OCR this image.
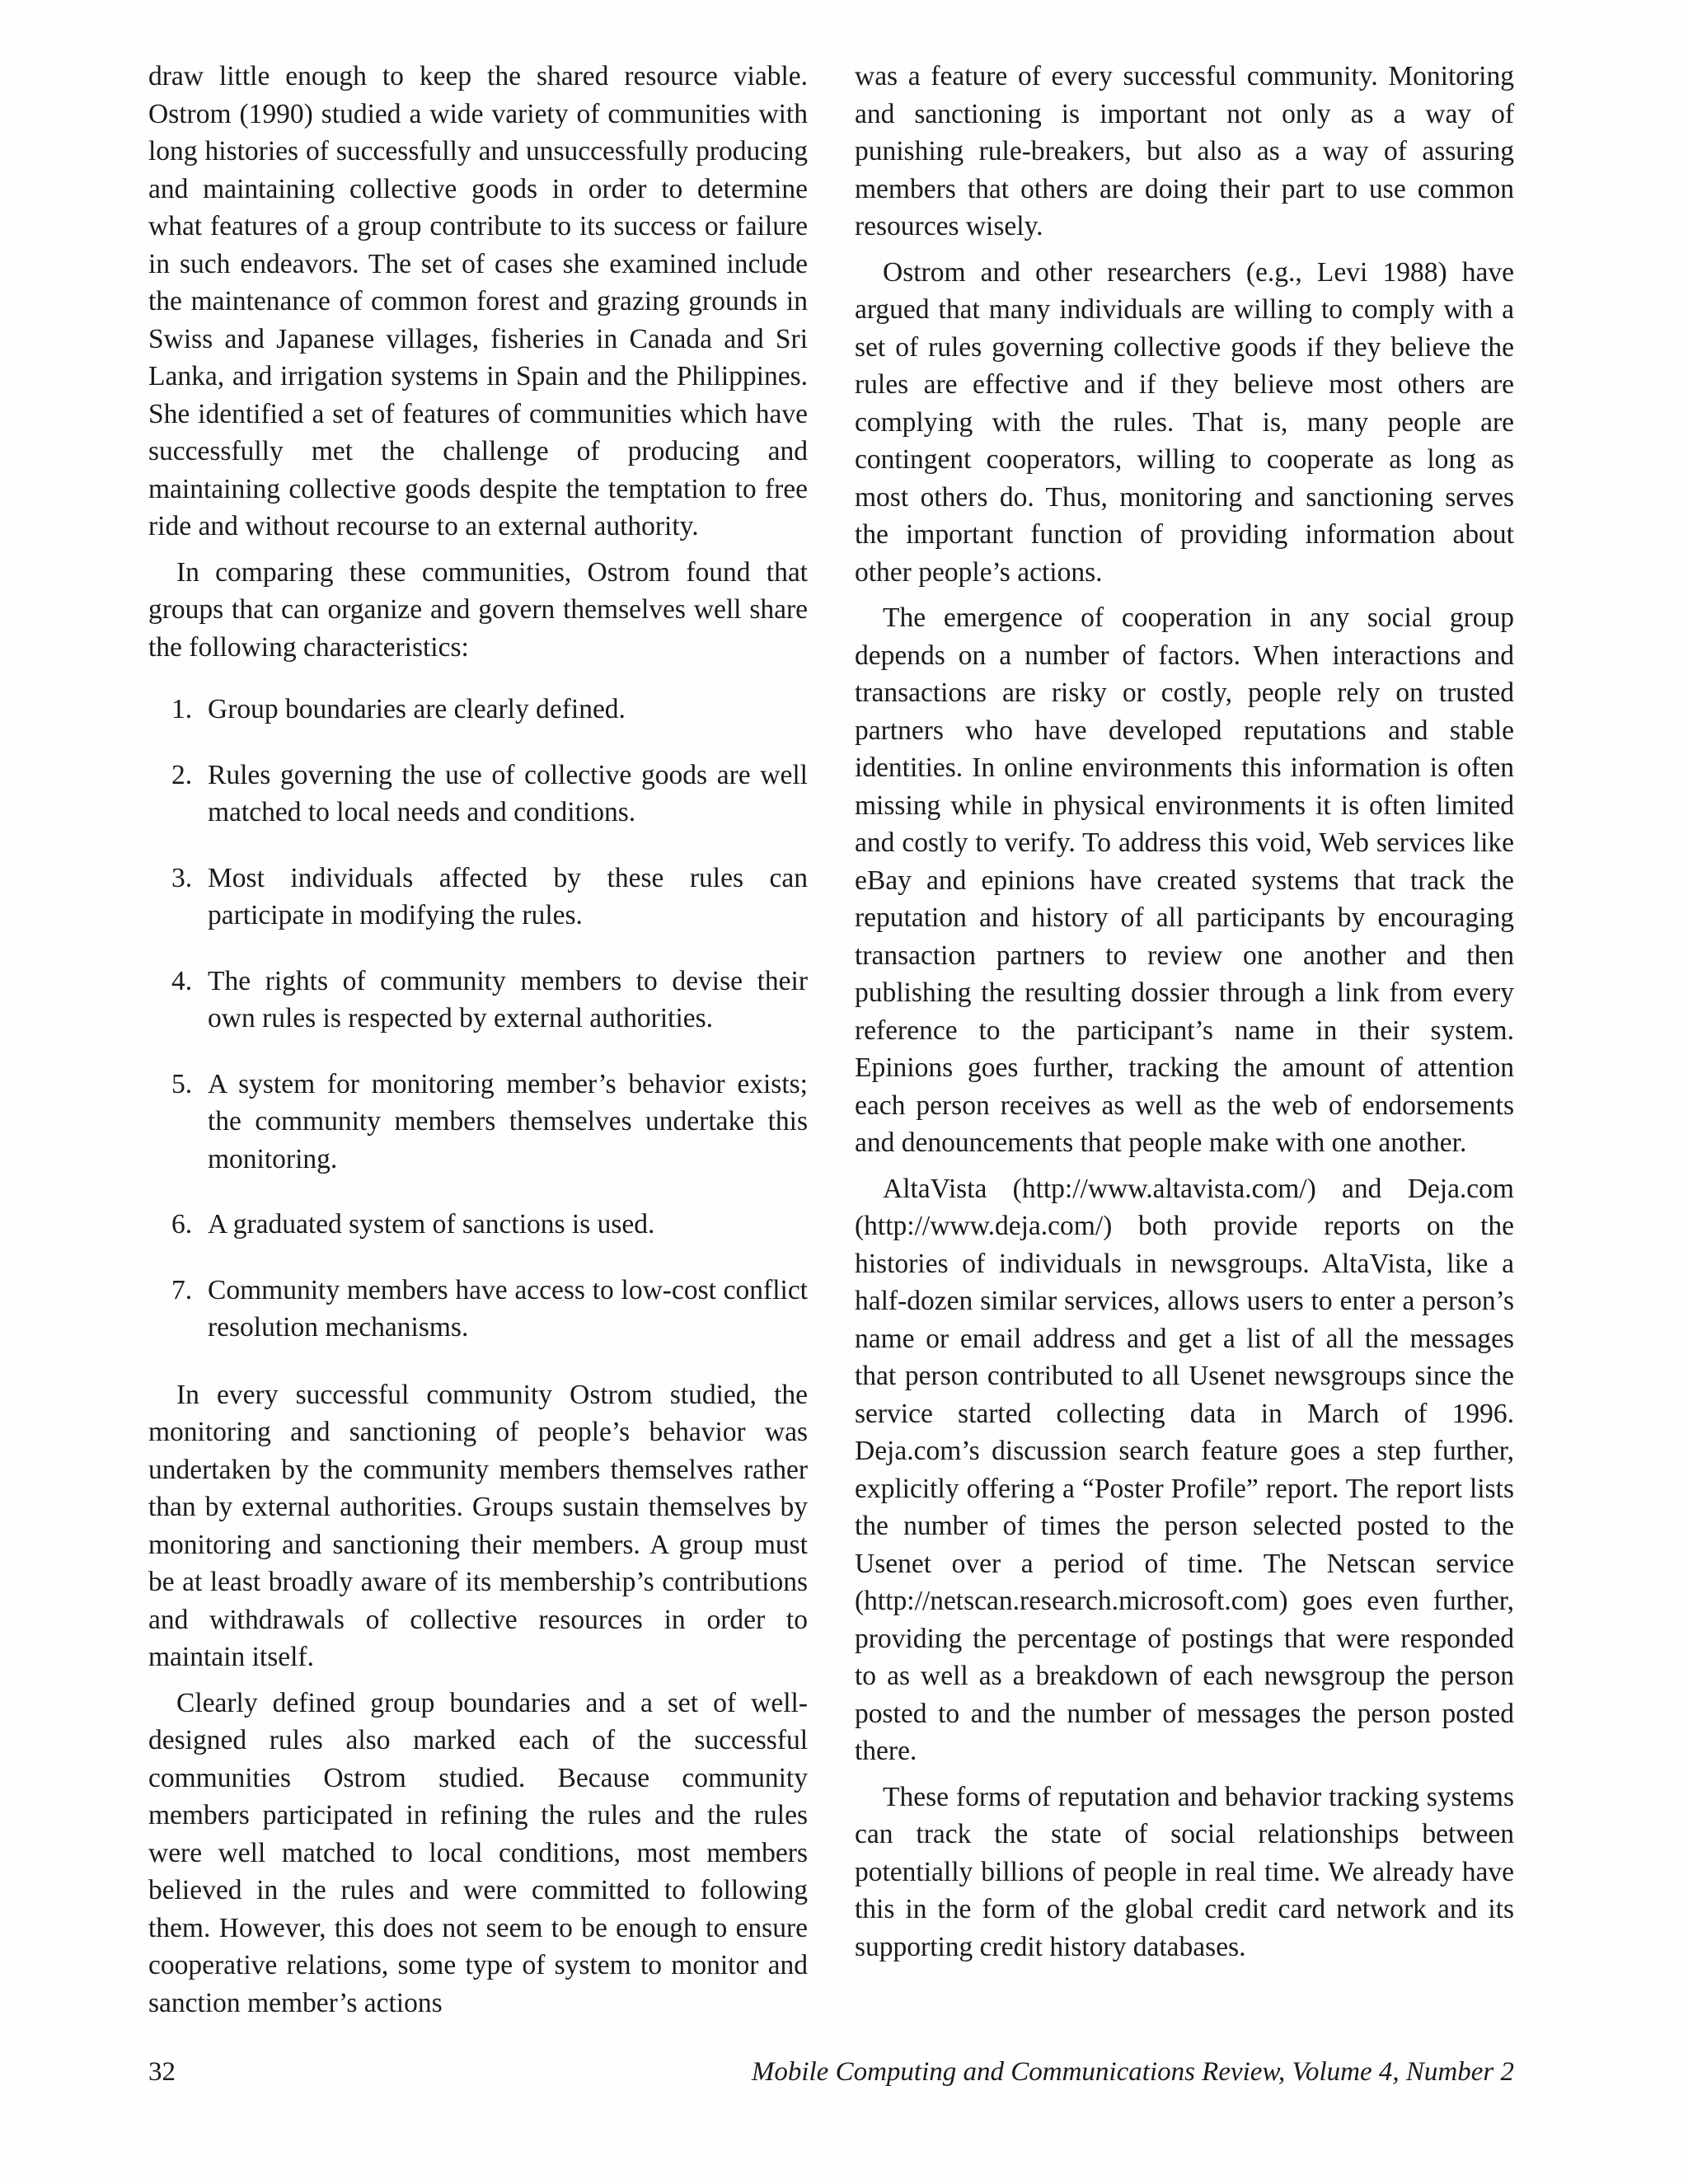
draw little enough to keep the shared resource viable. Ostrom (1990) studied a wide variety of communities with long histories of successfully and unsuccessfully producing and maintaining collective goods in order to determine what features of a group contribute to its success or failure in such endeavors. The set of cases she examined include the maintenance of common forest and grazing grounds in Swiss and Japanese villages, fisheries in Canada and Sri Lanka, and irrigation systems in Spain and the Philippines. She identified a set of features of communities which have successfully met the challenge of producing and maintaining collective goods despite the temptation to free ride and without recourse to an external authority.

In comparing these communities, Ostrom found that groups that can organize and govern themselves well share the following characteristics:

1. Group boundaries are clearly defined.
2. Rules governing the use of collective goods are well matched to local needs and conditions.
3. Most individuals affected by these rules can participate in modifying the rules.
4. The rights of community members to devise their own rules is respected by external authorities.
5. A system for monitoring member’s behavior exists; the community members themselves undertake this monitoring.
6. A graduated system of sanctions is used.
7. Community members have access to low-cost conflict resolution mechanisms.

In every successful community Ostrom studied, the monitoring and sanctioning of people’s behavior was undertaken by the community members themselves rather than by external authorities. Groups sustain themselves by monitoring and sanctioning their members. A group must be at least broadly aware of its membership’s contributions and withdrawals of collective resources in order to maintain itself.

Clearly defined group boundaries and a set of well-designed rules also marked each of the successful communities Ostrom studied. Because community members participated in refining the rules and the rules were well matched to local conditions, most members believed in the rules and were committed to following them. However, this does not seem to be enough to ensure cooperative relations, some type of system to monitor and sanction member’s actions

was a feature of every successful community. Monitoring and sanctioning is important not only as a way of punishing rule-breakers, but also as a way of assuring members that others are doing their part to use common resources wisely.

Ostrom and other researchers (e.g., Levi 1988) have argued that many individuals are willing to comply with a set of rules governing collective goods if they believe the rules are effective and if they believe most others are complying with the rules. That is, many people are contingent cooperators, willing to cooperate as long as most others do. Thus, monitoring and sanctioning serves the important function of providing information about other people’s actions.

The emergence of cooperation in any social group depends on a number of factors. When interactions and transactions are risky or costly, people rely on trusted partners who have developed reputations and stable identities. In online environments this information is often missing while in physical environments it is often limited and costly to verify. To address this void, Web services like eBay and epinions have created systems that track the reputation and history of all participants by encouraging transaction partners to review one another and then publishing the resulting dossier through a link from every reference to the participant’s name in their system. Epinions goes further, tracking the amount of attention each person receives as well as the web of endorsements and denouncements that people make with one another.

AltaVista (http://www.altavista.com/) and Deja.com (http://www.deja.com/) both provide reports on the histories of individuals in newsgroups. AltaVista, like a half-dozen similar services, allows users to enter a person’s name or email address and get a list of all the messages that person contributed to all Usenet newsgroups since the service started collecting data in March of 1996. Deja.com’s discussion search feature goes a step further, explicitly offering a “Poster Profile” report. The report lists the number of times the person selected posted to the Usenet over a period of time. The Netscan service (http://netscan.research.microsoft.com) goes even further, providing the percentage of postings that were responded to as well as a breakdown of each newsgroup the person posted to and the number of messages the person posted there.

These forms of reputation and behavior tracking systems can track the state of social relationships between potentially billions of people in real time. We already have this in the form of the global credit card network and its supporting credit history databases.

32	Mobile Computing and Communications Review, Volume 4, Number 2
